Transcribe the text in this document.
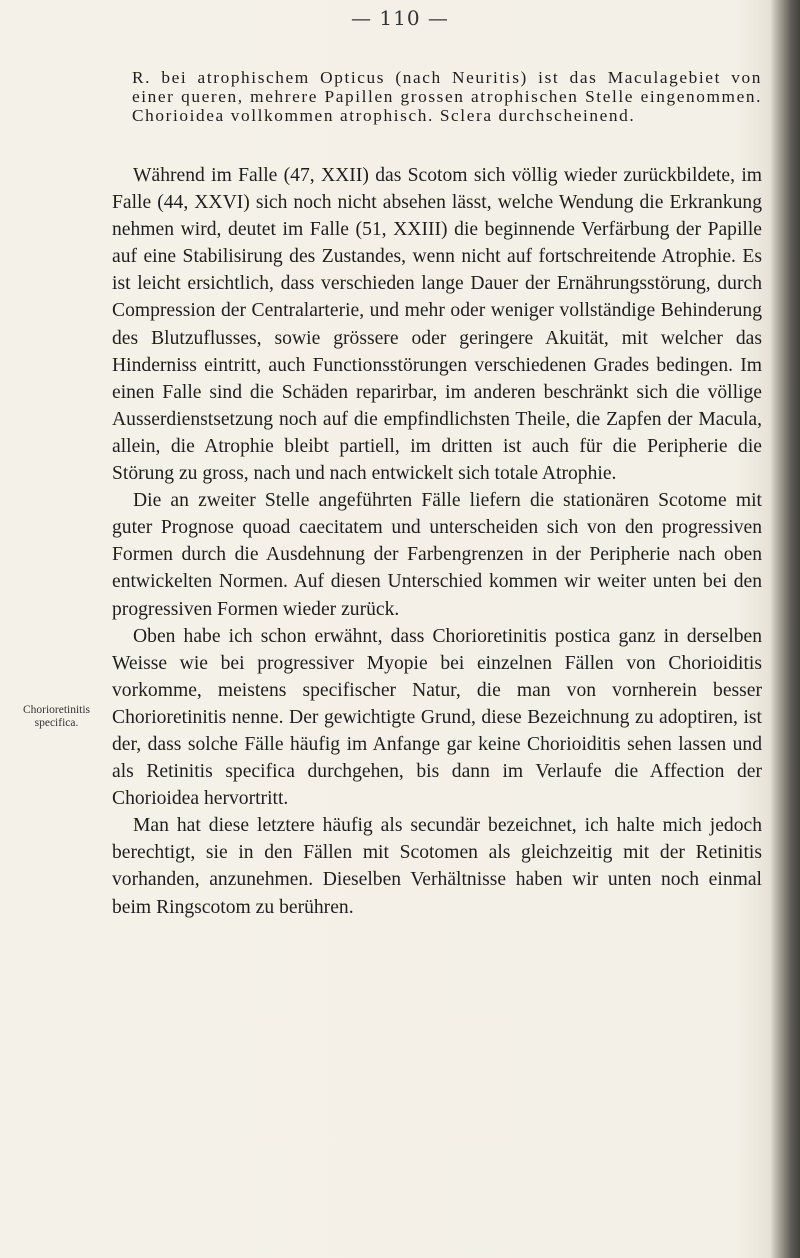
— 110 —
R. bei atrophischem Opticus (nach Neuritis) ist das Maculagebiet von einer queren, mehrere Papillen grossen atrophischen Stelle eingenommen. Chorioidea vollkommen atrophisch. Sclera durchscheinend.
Chorioretinitis specifica.

Während im Falle (47, XXII) das Scotom sich völlig wieder zurückbildete, im Falle (44, XXVI) sich noch nicht absehen lässt, welche Wendung die Erkrankung nehmen wird, deutet im Falle (51, XXIII) die beginnende Verfärbung der Papille auf eine Stabilisirung des Zustandes, wenn nicht auf fortschreitende Atrophie. Es ist leicht ersichtlich, dass verschieden lange Dauer der Ernährungsstörung, durch Compression der Centralarterie, und mehr oder weniger vollständige Behinderung des Blutzuflusses, sowie grössere oder geringere Akuität, mit welcher das Hinderniss eintritt, auch Functionsstörungen verschiedenen Grades bedingen. Im einen Falle sind die Schäden reparirbar, im anderen beschränkt sich die völlige Ausserdienstsetzung noch auf die empfindlichsten Theile, die Zapfen der Macula, allein, die Atrophie bleibt partiell, im dritten ist auch für die Peripherie die Störung zu gross, nach und nach entwickelt sich totale Atrophie.

Die an zweiter Stelle angeführten Fälle liefern die stationären Scotome mit guter Prognose quoad caecitatem und unterscheiden sich von den progressiven Formen durch die Ausdehnung der Farbengrenzen in der Peripherie nach oben entwickelten Normen. Auf diesen Unterschied kommen wir weiter unten bei den progressiven Formen wieder zurück.

Oben habe ich schon erwähnt, dass Chorioretinitis postica ganz in derselben Weisse wie bei progressiver Myopie bei einzelnen Fällen von Chorioiditis vorkomme, meistens specifischer Natur, die man von vornherein besser Chorioretinitis nenne. Der gewichtigte Grund, diese Bezeichnung zu adoptiren, ist der, dass solche Fälle häufig im Anfange gar keine Chorioiditis sehen lassen und als Retinitis specifica durchgehen, bis dann im Verlaufe die Affection der Chorioidea hervortritt.

Man hat diese letztere häufig als secundär bezeichnet, ich halte mich jedoch berechtigt, sie in den Fällen mit Scotomen als gleichzeitig mit der Retinitis vorhanden, anzunehmen. Dieselben Verhältnisse haben wir unten noch einmal beim Ringscotom zu berühren.
